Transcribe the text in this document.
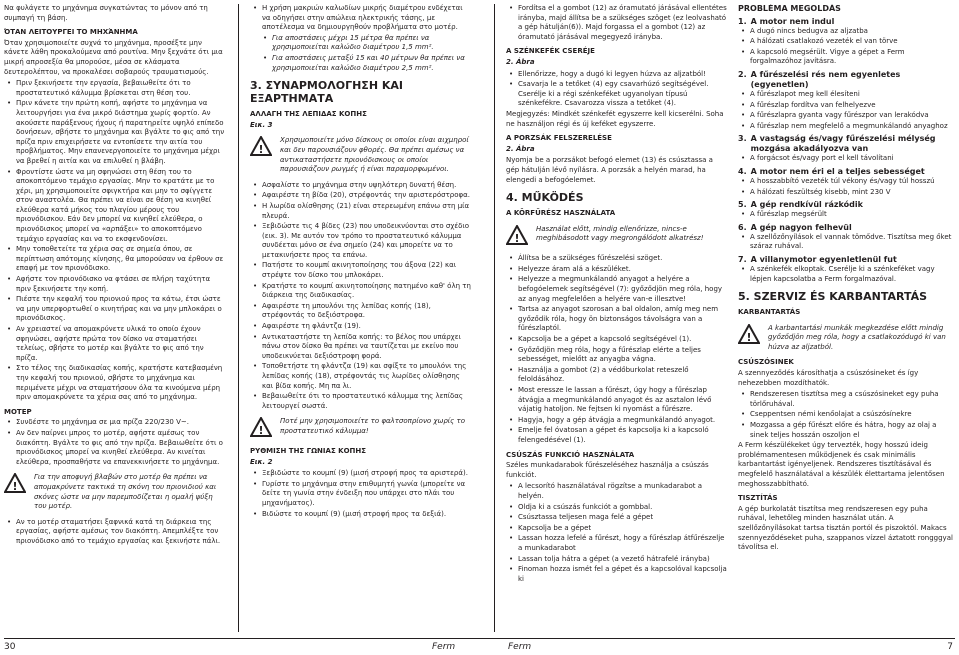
Να φυλάγετε το μηχάνημα συγκατώντας το μόνον από τη συμπαγή τη βάση.

ΌΤΑΝ ΛΕΙΤΟΥΡΓΕΙ ΤΟ ΜΗΧΆΝΗΜΑ

Όταν χρησιμοποιείτε συχνά το μηχάνημα, προσέξτε μην κάνετε λάθη προκαλούμενα από ρουτίνα. Μην ξεχνάτε ότι μια μικρή απροσεξία θα μπορούσε, μέσα σε κλάσματα δευτερολέπτου, να προκαλέσει σοβαρούς τραυματισμούς.

• Πριν ξεκινήσετε την εργασία, βεβαιωθείτε ότι το προστατευτικό κάλυμμα βρίσκεται στη θέση του.
• Πριν κάνετε την πρώτη κοπή, αφήστε το μηχάνημα να λειτουργήσει για ένα μικρό διάστημα χωρίς φορτίο. Αν ακούσετε παράξενους ήχους ή παρατηρείτε υψηλό επίπεδο δονήσεων, σβήστε το μηχάνημα και βγάλτε το φις από την πρίζα πριν επιχειρήσετε να εντοπίσετε την αιτία του προβλήματος. Μην επανενεργοποιείτε το μηχάνημα μέχρι να βρεθεί η αιτία και να επιλυθεί η βλάβη.
• Φροντίστε ώστε να μη σφηνώσει στη θέση του το αποκοπτόμενο τεμάχιο εργασίας. Μην το κρατάτε με το χέρι, μη χρησιμοποιείτε σφιγκτήρα και μην το σφίγγετε στον αναστολέα. Θα πρέπει να είναι σε θέση να κινηθεί ελεύθερα κατά μήκος του πλαγίου μέρους του πριονόδισκου. Εάν δεν μπορεί να κινηθεί ελεύθερα, ο πριονόδισκος μπορεί να «αρπάξει» το αποκοπτόμενο τεμάχιο εργασίας και να το εκσφενδονίσει.
• Μην τοποθετείτε τα χέρια σας σε σημεία όπου, σε περίπτωση απότομης κίνησης, θα μπορούσαν να έρθουν σε επαφή με τον πριονόδισκο.
• Αφήστε τον πριονόδισκο να φτάσει σε πλήρη ταχύτητα πριν ξεκινήσετε την κοπή.
• Πιέστε την κεφαλή του πριονιού προς τα κάτω, έτσι ώστε να μην υπερφορτωθεί ο κινητήρας και να μην μπλοκάρει ο πριονόδισκος.
• Αν χρειαστεί να απομακρύνετε υλικά το οποίο έχουν σφηνώσει, αφήστε πρώτα τον δίσκο να σταματήσει τελείως, σβήστε το μοτέρ και βγάλτε το φις από την πρίζα.
• Στο τέλος της διαδικασίας κοπής, κρατήστε κατεβασμένη την κεφαλή του πριονιού, σβήστε το μηχάνημα και περιμένετε μέχρι να σταματήσουν όλα τα κινούμενα μέρη πριν απομακρύνετε τα χέρια σας από το μηχάνημα.
ΜΟΤΕΡ
• Συνδέστε το μηχάνημα σε μια πρίζα 220/230 V~.
• Αν δεν παίρνει μπρος το μοτέρ, αφήστε αμέσως τον διακόπτη. Βγάλτε το φις από την πρίζα. Βεβαιωθείτε ότι ο πριονόδισκος μπορεί να κινηθεί ελεύθερα. Αν κινείται ελεύθερα, προσπαθήστε να επανεκκινήσετε το μηχάνημα.
!
Για την αποφυγή βλαβών στο μοτέρ θα πρέπει να απομακρύνετε τακτικά τη σκόνη του πριονιδιού και σκόνες ώστε να μην παρεμποδίζεται η ομαλή ψύξη του μοτέρ.
• Αν το μοτέρ σταματήσει ξαφνικά κατά τη διάρκεια της εργασίας, αφήστε αμέσως τον διακόπτη. Απεμπλέξτε τον πριονόδισκο από το τεμάχιο εργασίας και ξεκινήστε πάλι.
• Η χρήση μακριών καλωδίων μικρής διαμέτρου ενδέχεται να οδηγήσει στην απώλεια ηλεκτρικής τάσης, με αποτέλεσμα να δημιουργηθούν προβλήματα στο μοτέρ.
• Για αποστάσεις μέχρι 15 μέτρα θα πρέπει να χρησιμοποιείται καλώδιο διαμέτρου 1,5 mm².
• Για αποστάσεις μεταξύ 15 και 40 μέτρων θα πρέπει να χρησιμοποιείται καλώδιο διαμέτρου 2,5 mm².
3. ΣΥΝΑΡΜΟΛΟΓΗΣΗ ΚΑΙ ΕΞΑΡΤΗΜΑΤΑ
ΑΛΛΑΓΗ ΤΗΣ ΛΕΠΙΔΑΣ ΚΟΠΗΣ

Εικ. 3

!
Χρησιμοποιείτε μόνο δίσκους οι οποίοι είναι αιχμηροί και δεν παρουσιάζουν φθορές. Θα πρέπει αμέσως να αντικαταστήσετε πριονόδισκους οι οποίοι παρουσιάζουν ρωγμές ή είναι παραμορφωμένοι.
• Ασφαλίστε το μηχάνημα στην υψηλότερη δυνατή θέση.
• Αφαιρέστε τη βίδα (20), στρέφοντάς την αριστερόστροφα.
• Η λωρίδα ολίσθησης (21) είναι στερεωμένη επάνω στη μία πλευρά.
• Ξεβιδώστε τις 4 βίδες (23) που υποδεικνύονται στο σχέδιο (εικ. 3). Με αυτόν τον τρόπο το προστατευτικό κάλυμμα συνδέεται μόνο σε ένα σημείο (24) και μπορείτε να το μετακινήσετε προς τα επάνω.
• Πατήστε το κουμπί ακινητοποίησης του άξονα (22) και στρέψτε τον δίσκο του μπλοκάρει.
• Κρατήστε το κουμπί ακινητοποίησης πατημένο καθ' όλη τη διάρκεια της διαδικασίας.
• Αφαιρέστε τη μπουλόνι της λεπίδας κοπής (18), στρέφοντάς το δεξιόστροφα.
• Αφαιρέστε τη φλάντζα (19).
• Αντικαταστήστε τη λεπίδα κοπής: το βέλος που υπάρχει πάνω στον δίσκο θα πρέπει να ταυτίζεται με εκείνο που υποδεικνύεται δεξιόστροφη φορά.
• Τοποθετήστε τη φλάντζα (19) και σφίξτε το μπουλόνι της λεπίδας κοπής (18), στρέφοντάς τις λωρίδες ολίσθησης και βίδα κοπής. Μη πα λι.
• Βεβαιωθείτε ότι το προστατευτικό κάλυμμα της λεπίδας λειτουργεί σωστά.
!
Ποτέ μην χρησιμοποιείτε το φαλτσοπρίονο χωρίς το προστατευτικό κάλυμμα!
ΡΥΘΜΙΣΗ ΤΗΣ ΓΩΝΙΑΣ ΚΟΠΗΣ

Εικ. 2

• Ξεβιδώστε το κουμπί (9) (μισή στροφή προς τα αριστερά).
• Γυρίστε το μηχάνημα στην επιθυμητή γωνία (μπορείτε να δείτε τη γωνία στην ένδειξη που υπάρχει στο πλάι του μηχανήματος).
• Βιδώστε το κουμπί (9) (μισή στροφή προς τα δεξιά).
• Fordítsa el a gombot (12) az óramutató járásával ellentétes irányba, majd állítsa be a szükséges szöget (ez leolvasható a gép hátulján(6)). Majd forgassa el a gombot (12) az óramutató járásával megegyező irányba.
A SZÉNKEFÉK CSERÉJE

2. Ábra

• Ellenőrizze, hogy a dugó ki legyen húzva az aljzatból!
• Csavarja le a tetőket (4) egy csavarhúzó segítségével. Cserélje ki a régi szénkeféket ugyanolyan típusú szénkefékre. Csavarozza vissza a tetőket (4).

Megjegyzés: Mindkét szénkefét egyszerre kell kicserélni. Soha ne használjon régi és új keféket egyszerre.

A PORZSÁK FELSZERELÉSE

2. Ábra

Nyomja be a porzsákot befogó elemet (13) és csúsztassa a gép hátulján lévő nyílásra. A porzsák a helyén marad, ha elengedi a befogóelemet.

4. MŰKÖDÉS
A KÖRFŰRÉSZ HASZNÁLATA
!
Használat előtt, mindig ellenőrizze, nincs-e meghibásodott vagy megrongálódott alkatrész!
• Állítsa be a szükséges fűrészelési szöget.
• Helyezze áram alá a készüléket.
• Helyezze a megmunkálandó anyagot a helyére a befogóelemek segítségével (7): győződjön meg róla, hogy az anyag megfelelően a helyére van-e illesztve!
• Tartsa az anyagot szorosan a bal oldalon, amíg meg nem győződik róla, hogy ön biztonságos távolságra van a fűrészlaptól.
• Kapcsolja be a gépet a kapcsoló segítségével (1).
• Győződjön meg róla, hogy a fűrészlap elérte a teljes sebességet, mielőtt az anyagba vágna.
• Használja a gombot (2) a védőburkolat reteszelő feloldásához.
• Most eressze le lassan a fűrészt, úgy hogy a fűrészlap átvágja a megmunkálandó anyagot és az asztalon lévő vájatig hatoljon. Ne fejtsen ki nyomást a fűrészre.
• Hagyja, hogy a gép átvágja a megmunkálandó anyagot.
• Emelje fel óvatosan a gépet és kapcsolja ki a kapcsoló felengedésével (1).
CSÚSZÁS FUNKCIÓ HASZNÁLATA

Széles munkadarabok fűrészeléséhez használja a csúszás funkciót.

• A lecsorító használatával rögzítse a munkadarabot a helyén.
• Oldja ki a csúszás funkciót a gombbal.
• Csúsztassa teljesen maga felé a gépet
• Kapcsolja be a gépet
• Lassan hozza lefelé a fűrészt, hogy a fűrészlap átfűrészelje a munkadarabot
• Lassan tolja hátra a gépet (a vezető hátrafelé irányba)
• Finoman hozza ismét fel a gépet és a kapcsolóval kapcsolja ki
PROBLÉMA MEGOLDÁS
1. A motor nem indul
• A dugó nincs bedugva az aljzatba
• A hálózati csatlakozó vezeték el van törve
• A kapcsoló megsérült. Vigye a gépet a Ferm forgalmazóhoz javításra.
2. A fűrészelési rés nem egyenletes (egyenetlen)
• A fűrészlapot meg kell élesíteni
• A fűrészlap fordítva van felhelyezve
• A fűrészlapra gyanta vagy fűrészpor van lerakódva
• A fűrészlap nem megfelelő a megmunkálandó anyaghoz
3. A vastagság és/vagy fűrészelési mélység mozgása akadályozva van
• A forgácsot és/vagy port el kell távolítani
4. A motor nem éri el a teljes sebességet
• A hosszabbító vezeték túl vékony és/vagy túl hosszú
• A hálózati feszültség kisebb, mint 230 V
5. A gép rendkívül rázkódik
• A fűrészlap megsérült
6. A gép nagyon felhevül
• A szellőzőnyílások el vannak tömődve. Tisztítsa meg őket száraz ruhával.
7. A villanymotor egyenletlenül fut
• A szénkefék elkoptak. Cserélje ki a szénkeféket vagy lépjen kapcsolatba a Ferm forgalmazóval.
5. SZERVIZ ÉS KARBANTARTÁS
KARBANTARTÁS
!
A karbantartási munkák megkezdése előtt mindig győződjön meg róla, hogy a csatlakozódugó ki van húzva az aljzatból.
CSÚSZÓSINEK

A szennyeződés károsíthatja a csúszósineket és így nehezebben mozdíthatók.

• Rendszeresen tisztítsa meg a csúszósineket egy puha törlőruhával.
• Cseppentsen némi kenőolajat a csúszósínekre
• Mozgassa a gép fűrészt előre és hátra, hogy az olaj a sinek teljes hosszán oszoljon el

A Ferm készülékeket úgy tervezték, hogy hosszú ideig problémamentesen működjenek és csak minimális karbantartást igényeljenek. Rendszeres tisztításával és megfelelő használatával a készülék élettartama jelentősen meghosszabbítható.

TISZTÍTÁS

A gép burkolatát tisztítsa meg rendszeresen egy puha ruhával, lehetőleg minden használat után. A szellőzőnyílásokat tartsa tisztán portól és piszoktól. Makacs szennyeződéseket puha, szappanos vízzel áztatott rongggyal távolítsa el.

30	Ferm	Ferm	7
